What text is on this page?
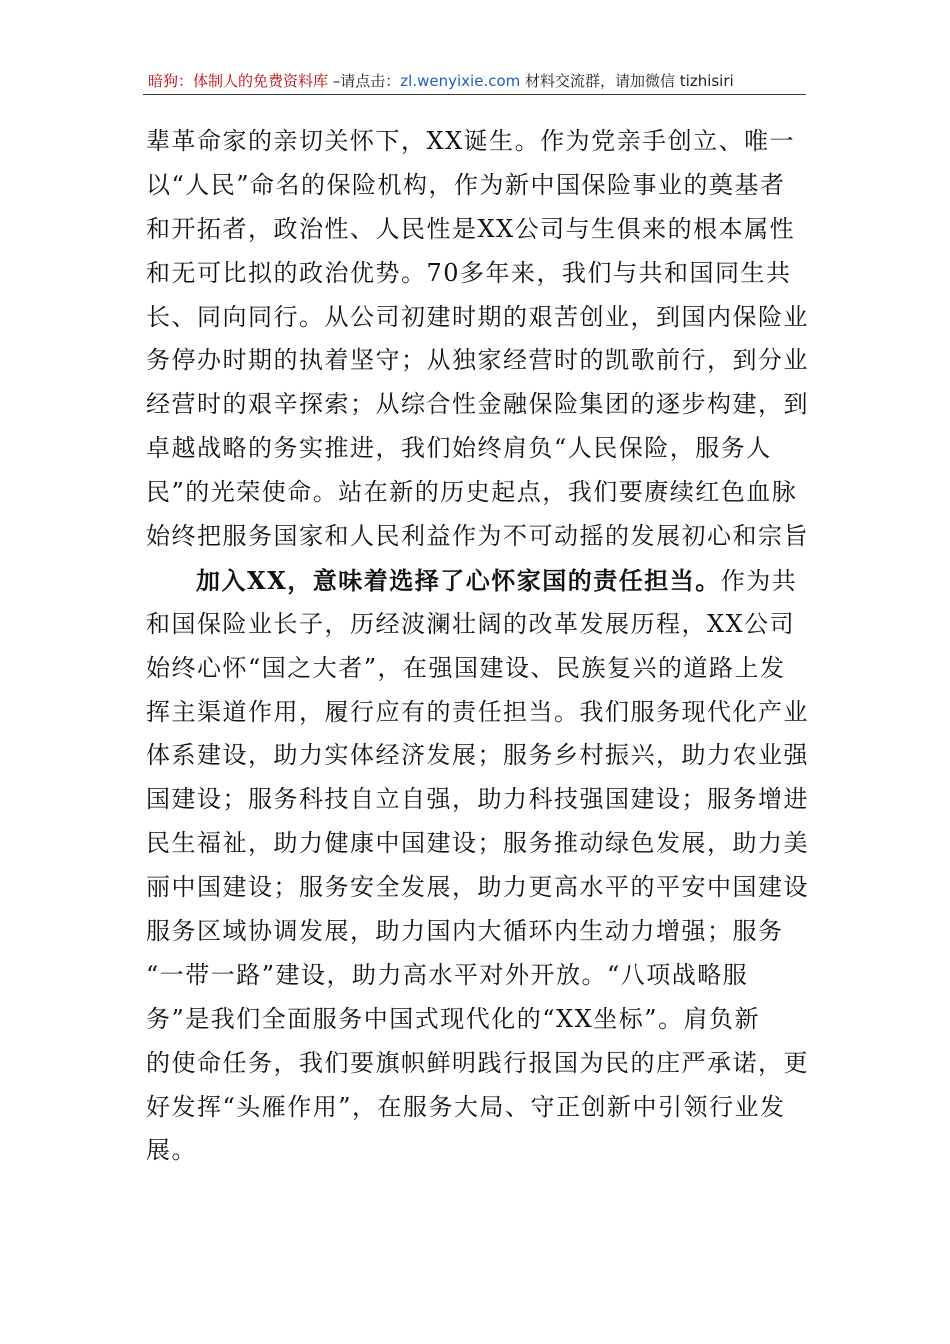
暗狗：体制人的免费资料库 –请点击：zl.wenyixie.com 材料交流群，请加微信 tizhisiri
辈革命家的亲切关怀下，XX诞生。作为党亲手创立、唯一
以“人民”命名的保险机构，作为新中国保险事业的奠基者
和开拓者，政治性、人民性是XX公司与生俱来的根本属性
和无可比拟的政治优势。70多年来，我们与共和国同生共
长、同向同行。从公司初建时期的艰苦创业，到国内保险业
务停办时期的执着坚守；从独家经营时的凯歌前行，到分业
经营时的艰辛探索；从综合性金融保险集团的逐步构建，到
卓越战略的务实推进，我们始终肩负“人民保险，服务人
民”的光荣使命。站在新的历史起点，我们要赓续红色血脉
始终把服务国家和人民利益作为不可动摇的发展初心和宗旨
加入XX，意味着选择了心怀家国的责任担当。作为共
和国保险业长子，历经波澜壮阔的改革发展历程，XX公司
始终心怀“国之大者”，在强国建设、民族复兴的道路上发
挥主渠道作用，履行应有的责任担当。我们服务现代化产业
体系建设，助力实体经济发展；服务乡村振兴，助力农业强
国建设；服务科技自立自强，助力科技强国建设；服务增进
民生福祉，助力健康中国建设；服务推动绿色发展，助力美
丽中国建设；服务安全发展，助力更高水平的平安中国建设
服务区域协调发展，助力国内大循环内生动力增强；服务
“一带一路”建设，助力高水平对外开放。“八项战略服
务”是我们全面服务中国式现代化的“XX坐标”。肩负新
的使命任务，我们要旗帜鲜明践行报国为民的庄严承诺，更
好发挥“头雁作用”，在服务大局、守正创新中引领行业发
展。
